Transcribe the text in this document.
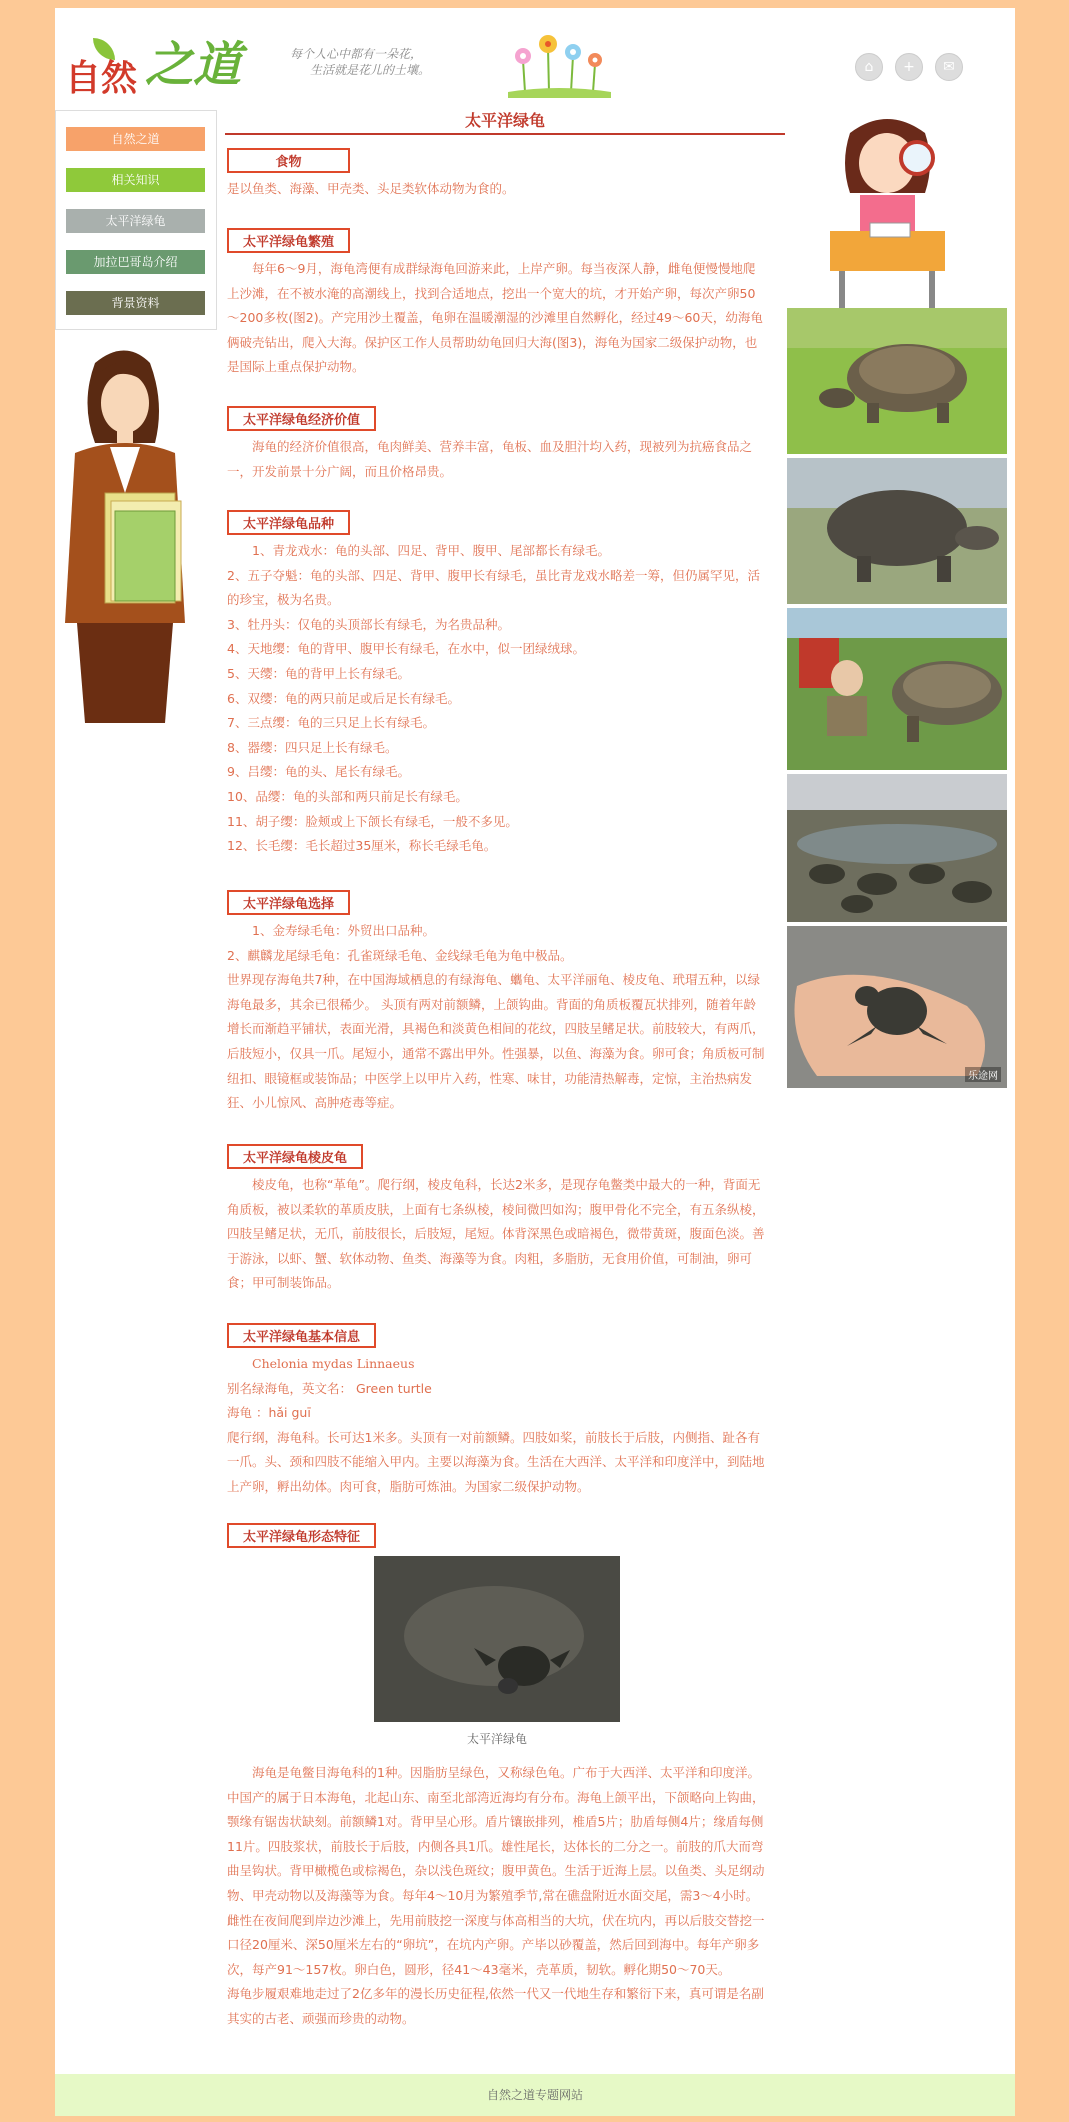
自然 之道	每个人心中都有一朵花，
生活就是花儿的土壤。	⌂	+	✉
自然之道
相关知识
太平洋绿龟
加拉巴哥岛介绍
背景资料
太平洋绿龟
食物

是以鱼类、海藻、甲壳类、头足类软体动物为食的。

太平洋绿龟繁殖

每年6～9月，海龟湾便有成群绿海龟回游来此，上岸产卵。每当夜深人静，雌龟便慢慢地爬上沙滩，在不被水淹的高潮线上，找到合适地点，挖出一个宽大的坑，才开始产卵，每次产卵50～200多枚(图2)。产完用沙土覆盖，龟卵在温暖潮湿的沙滩里自然孵化，经过49～60天，幼海龟俩破壳钻出，爬入大海。保护区工作人员帮助幼龟回归大海(图3)，海龟为国家二级保护动物，也是国际上重点保护动物。

太平洋绿龟经济价值

海龟的经济价值很高，龟肉鲜美、营养丰富，龟板、血及胆汁均入药，现被列为抗癌食品之一，开发前景十分广阔，而且价格昂贵。

太平洋绿龟品种
1、青龙戏水：龟的头部、四足、背甲、腹甲、尾部都长有绿毛。
2、五子夺魁：龟的头部、四足、背甲、腹甲长有绿毛，虽比青龙戏水略差一筹，但仍属罕见，活的珍宝，极为名贵。
3、牡丹头：仅龟的头顶部长有绿毛，为名贵品种。
4、天地缨：龟的背甲、腹甲长有绿毛，在水中，似一团绿绒球。
5、天缨：龟的背甲上长有绿毛。
6、双缨：龟的两只前足或后足长有绿毛。
7、三点缨：龟的三只足上长有绿毛。
8、器缨：四只足上长有绿毛。
9、吕缨：龟的头、尾长有绿毛。
10、品缨：龟的头部和两只前足长有绿毛。
11、胡子缨：脸颊或上下颌长有绿毛，一般不多见。
12、长毛缨：毛长超过35厘米，称长毛绿毛龟。
太平洋绿龟选择
1、金寿绿毛龟：外贸出口品种。
2、麒麟龙尾绿毛龟：孔雀斑绿毛龟、金线绿毛龟为龟中极品。
世界现存海龟共7种，在中国海域栖息的有绿海龟、蠵龟、太平洋丽龟、棱皮龟、玳瑁五种，以绿海龟最多，其余已很稀少。 头顶有两对前额鳞，上颌钩曲。背面的角质板覆瓦状排列，随着年龄增长而渐趋平铺状，表面光滑，具褐色和淡黄色相间的花纹，四肢呈鳍足状。前肢较大，有两爪，后肢短小，仅具一爪。尾短小，通常不露出甲外。性强暴，以鱼、海藻为食。卵可食；角质板可制纽扣、眼镜框或装饰品；中医学上以甲片入药，性寒、味甘，功能清热解毒，定惊，主治热病发狂、小儿惊风、高肿疮毒等症。
太平洋绿龟棱皮龟

棱皮龟，也称“革龟”。爬行纲，棱皮龟科，长达2米多，是现存龟鳖类中最大的一种，背面无角质板，被以柔软的革质皮肤，上面有七条纵棱，棱间微凹如沟；腹甲骨化不完全，有五条纵棱，四肢呈鳍足状，无爪，前肢很长，后肢短，尾短。体背深黑色或暗褐色，微带黄斑，腹面色淡。善于游泳，以虾、蟹、软体动物、鱼类、海藻等为食。肉粗，多脂肪，无食用价值，可制油，卵可食；甲可制装饰品。

太平洋绿龟基本信息
Chelonia mydas Linnaeus
别名绿海龟，英文名： Green turtle
海龟 ：hǎi guī
爬行纲，海龟科。长可达1米多。头顶有一对前额鳞。四肢如桨，前肢长于后肢，内侧指、趾各有一爪。头、颈和四肢不能缩入甲内。主要以海藻为食。生活在大西洋、太平洋和印度洋中，到陆地上产卵，孵出幼体。肉可食，脂肪可炼油。为国家二级保护动物。
太平洋绿龟形态特征
太平洋绿龟

海龟是龟鳖目海龟科的1种。因脂肪呈绿色，又称绿色龟。广布于大西洋、太平洋和印度洋。中国产的属于日本海龟，北起山东、南至北部湾近海均有分布。海龟上颌平出，下颌略向上钩曲，颚缘有锯齿状缺刻。前额鳞1对。背甲呈心形。盾片镶嵌排列，椎盾5片；肋盾每侧4片；缘盾每侧11片。四肢浆状，前肢长于后肢，内侧各具1爪。雄性尾长，达体长的二分之一。前肢的爪大而弯曲呈钩状。背甲橄榄色或棕褐色，杂以浅色斑纹；腹甲黄色。生活于近海上层。以鱼类、头足纲动物、甲壳动物以及海藻等为食。每年4～10月为繁殖季节,常在礁盘附近水面交尾，需3～4小时。雌性在夜间爬到岸边沙滩上，先用前肢挖一深度与体高相当的大坑，伏在坑内，再以后肢交替挖一口径20厘米、深50厘米左右的“卵坑”，在坑内产卵。产毕以砂覆盖，然后回到海中。每年产卵多次，每产91～157枚。卵白色，圆形，径41～43毫米，壳革质，韧软。孵化期50～70天。

海龟步履艰难地走过了2亿多年的漫长历史征程,依然一代又一代地生存和繁衍下来，真可谓是名副其实的古老、顽强而珍贵的动物。

乐途网
自然之道专题网站
